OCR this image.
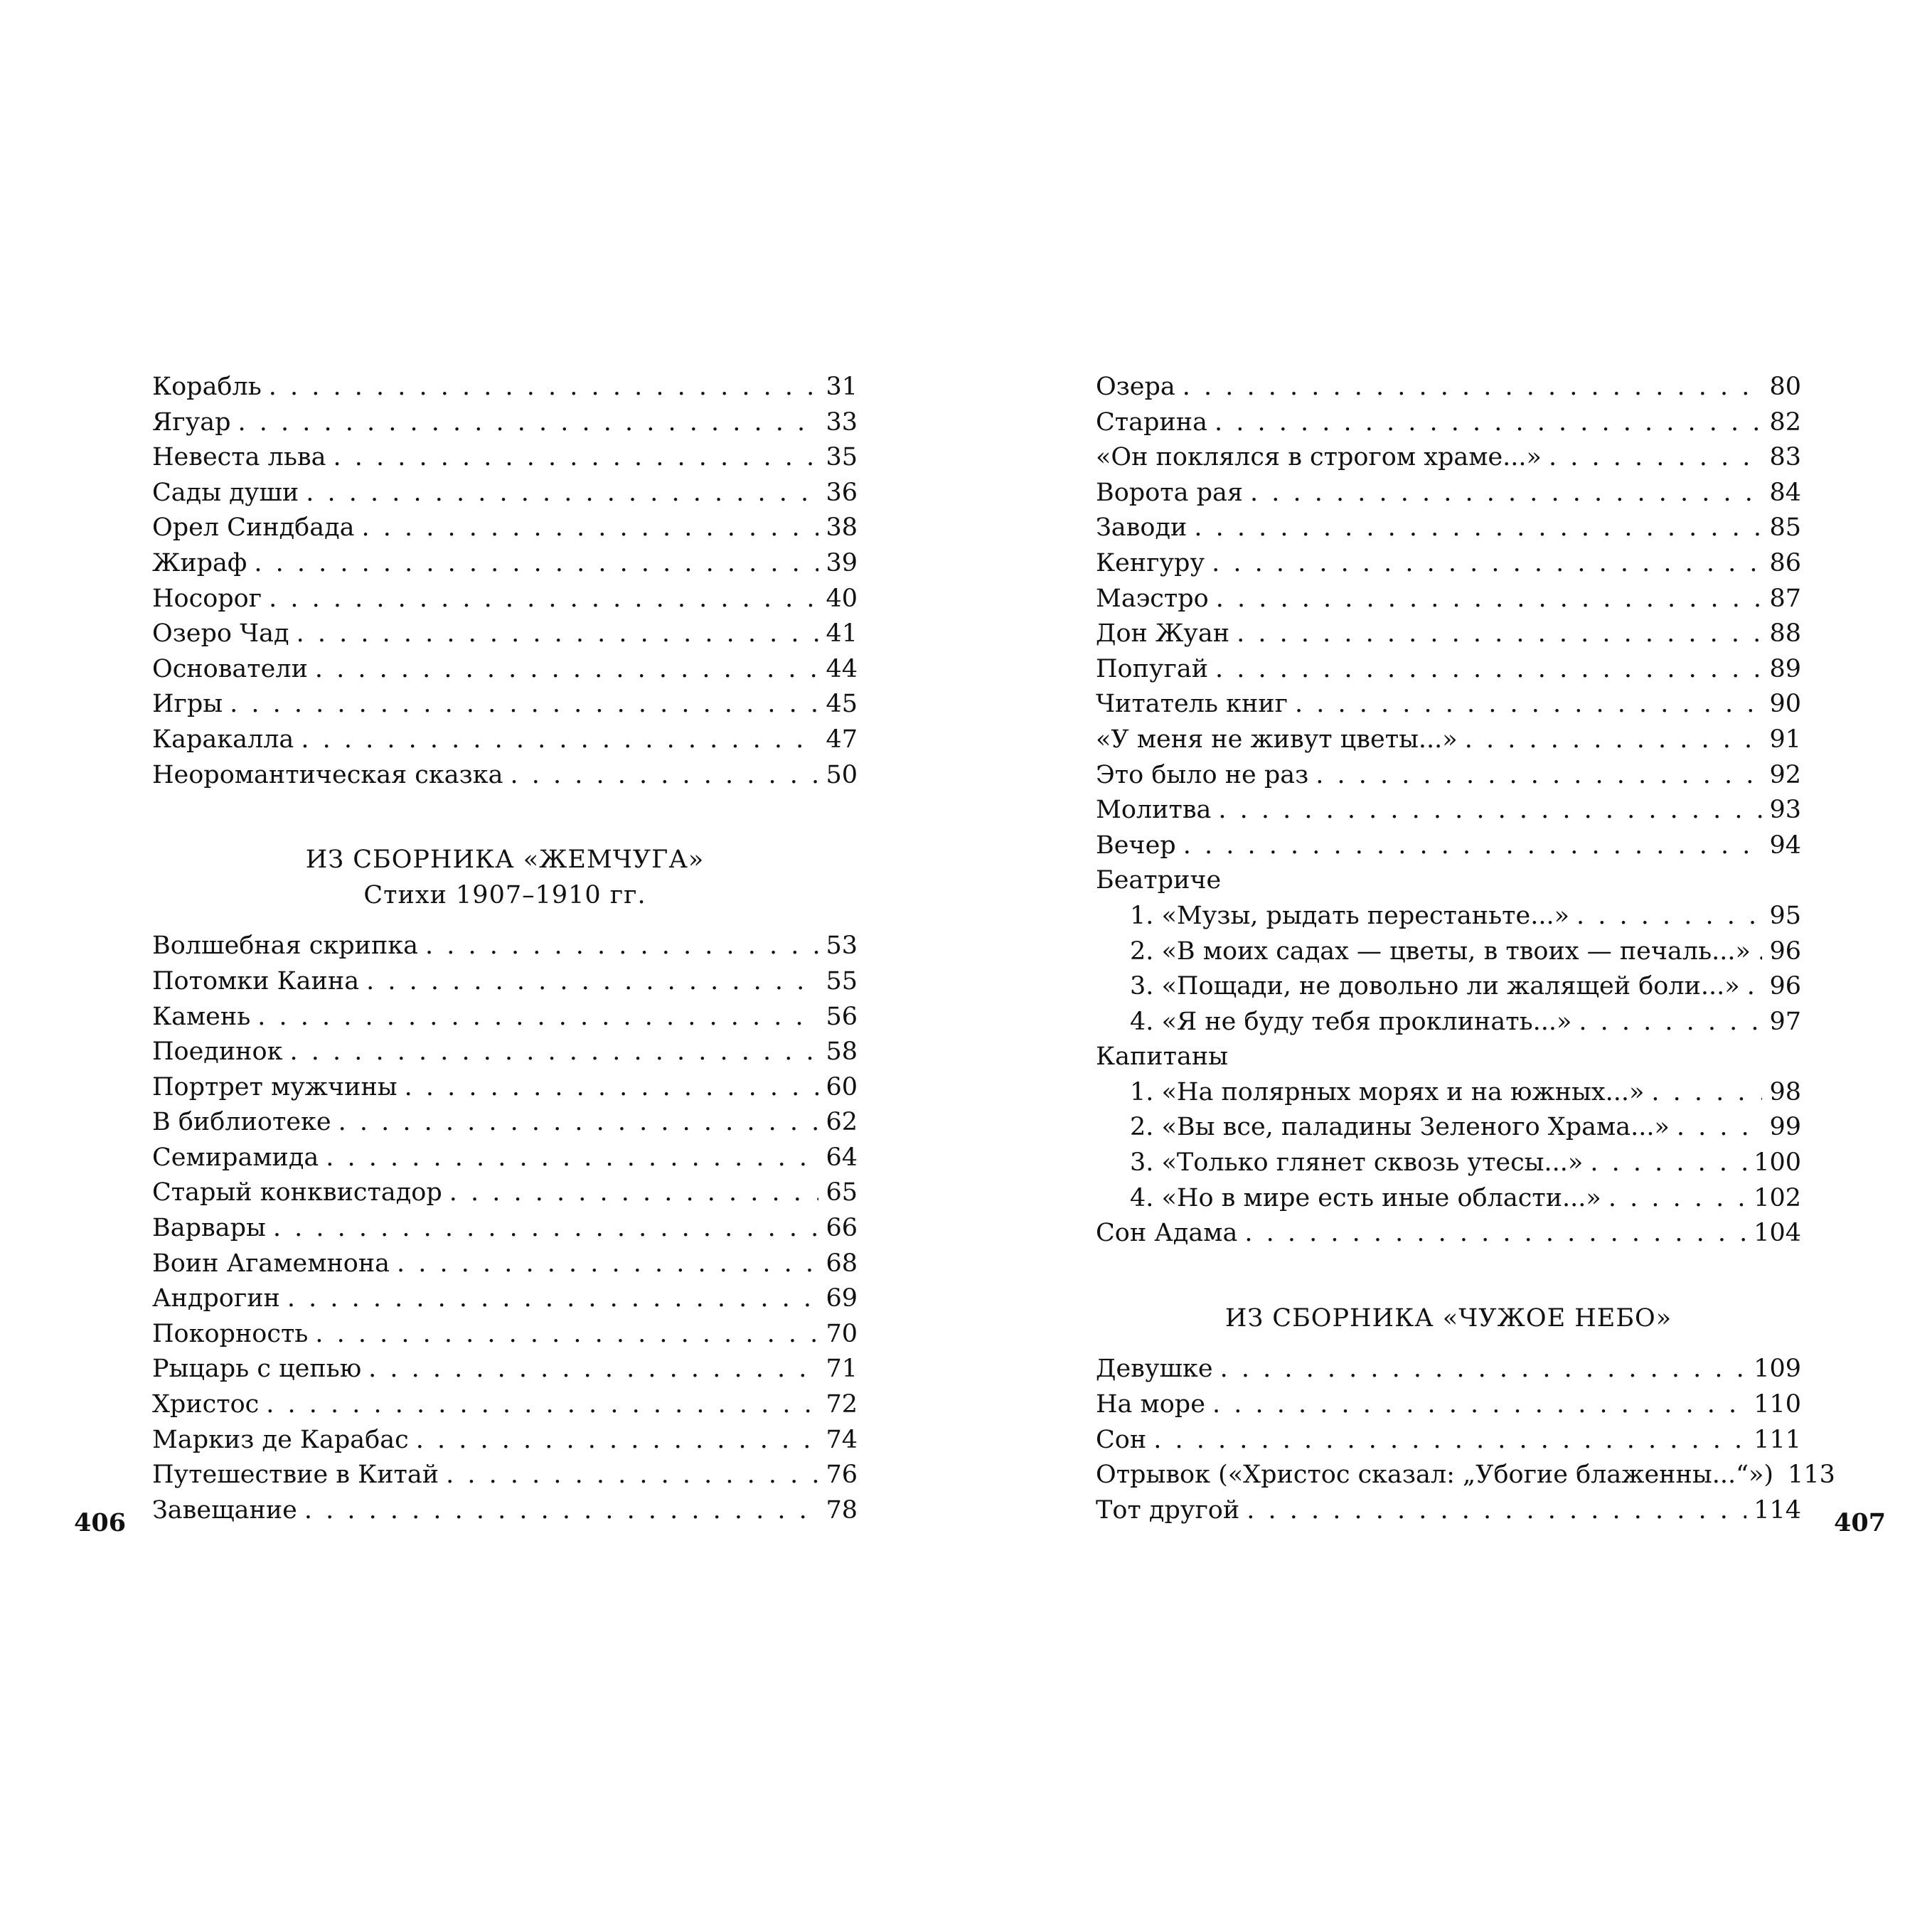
Корабль . . .	31
Ягуар . . .	33
Невеста льва . . .	35
Сады души . . .	36
Орел Синдбада . . .	38
Жираф . . .	39
Носорог . . .	40
Озеро Чад . . .	41
Основатели . . .	44
Игры . . .	45
Каракалла . . .	47
Неоромантическая сказка . . .	50
ИЗ СБОРНИКА «ЖЕМЧУГА»
Стихи 1907–1910 гг.
Волшебная скрипка . . .	53
Потомки Каина . . .	55
Камень . . .	56
Поединок . . .	58
Портрет мужчины . . .	60
В библиотеке . . .	62
Семирамида . . .	64
Старый конквистадор . . .	65
Варвары . . .	66
Воин Агамемнона . . .	68
Андрогин . . .	69
Покорность . . .	70
Рыцарь с цепью . . .	71
Христос . . .	72
Маркиз де Карабас . . .	74
Путешествие в Китай . . .	76
Завещание . . .	78
406
Озера . . .	80
Старина . . .	82
«Он поклялся в строгом храме...» . . .	83
Ворота рая . . .	84
Заводи . . .	85
Кенгуру . . .	86
Маэстро . . .	87
Дон Жуан . . .	88
Попугай . . .	89
Читатель книг . . .	90
«У меня не живут цветы...» . . .	91
Это было не раз . . .	92
Молитва . . .	93
Вечер . . .	94
Беатриче
1. «Музы, рыдать перестаньте...» . . .	95
2. «В моих садах — цветы, в твоих — печаль...» . . . 96
3. «Пощади, не довольно ли жалящей боли...» . . . 96
4. «Я не буду тебя проклинать...» . . .	97
Капитаны
1. «На полярных морях и на южных...» . . .	98
2. «Вы все, паладины Зеленого Храма...» . . .	99
3. «Только глянет сквозь утесы...» . . .	100
4. «Но в мире есть иные области...» . . .	102
Сон Адама . . .	104
ИЗ СБОРНИКА «ЧУЖОЕ НЕБО»
Девушке . . .	109
На море . . .	110
Сон . . .	111
Отрывок («Христос сказал: „Убогие блаженны...“») 113
Тот другой . . .	114 407
